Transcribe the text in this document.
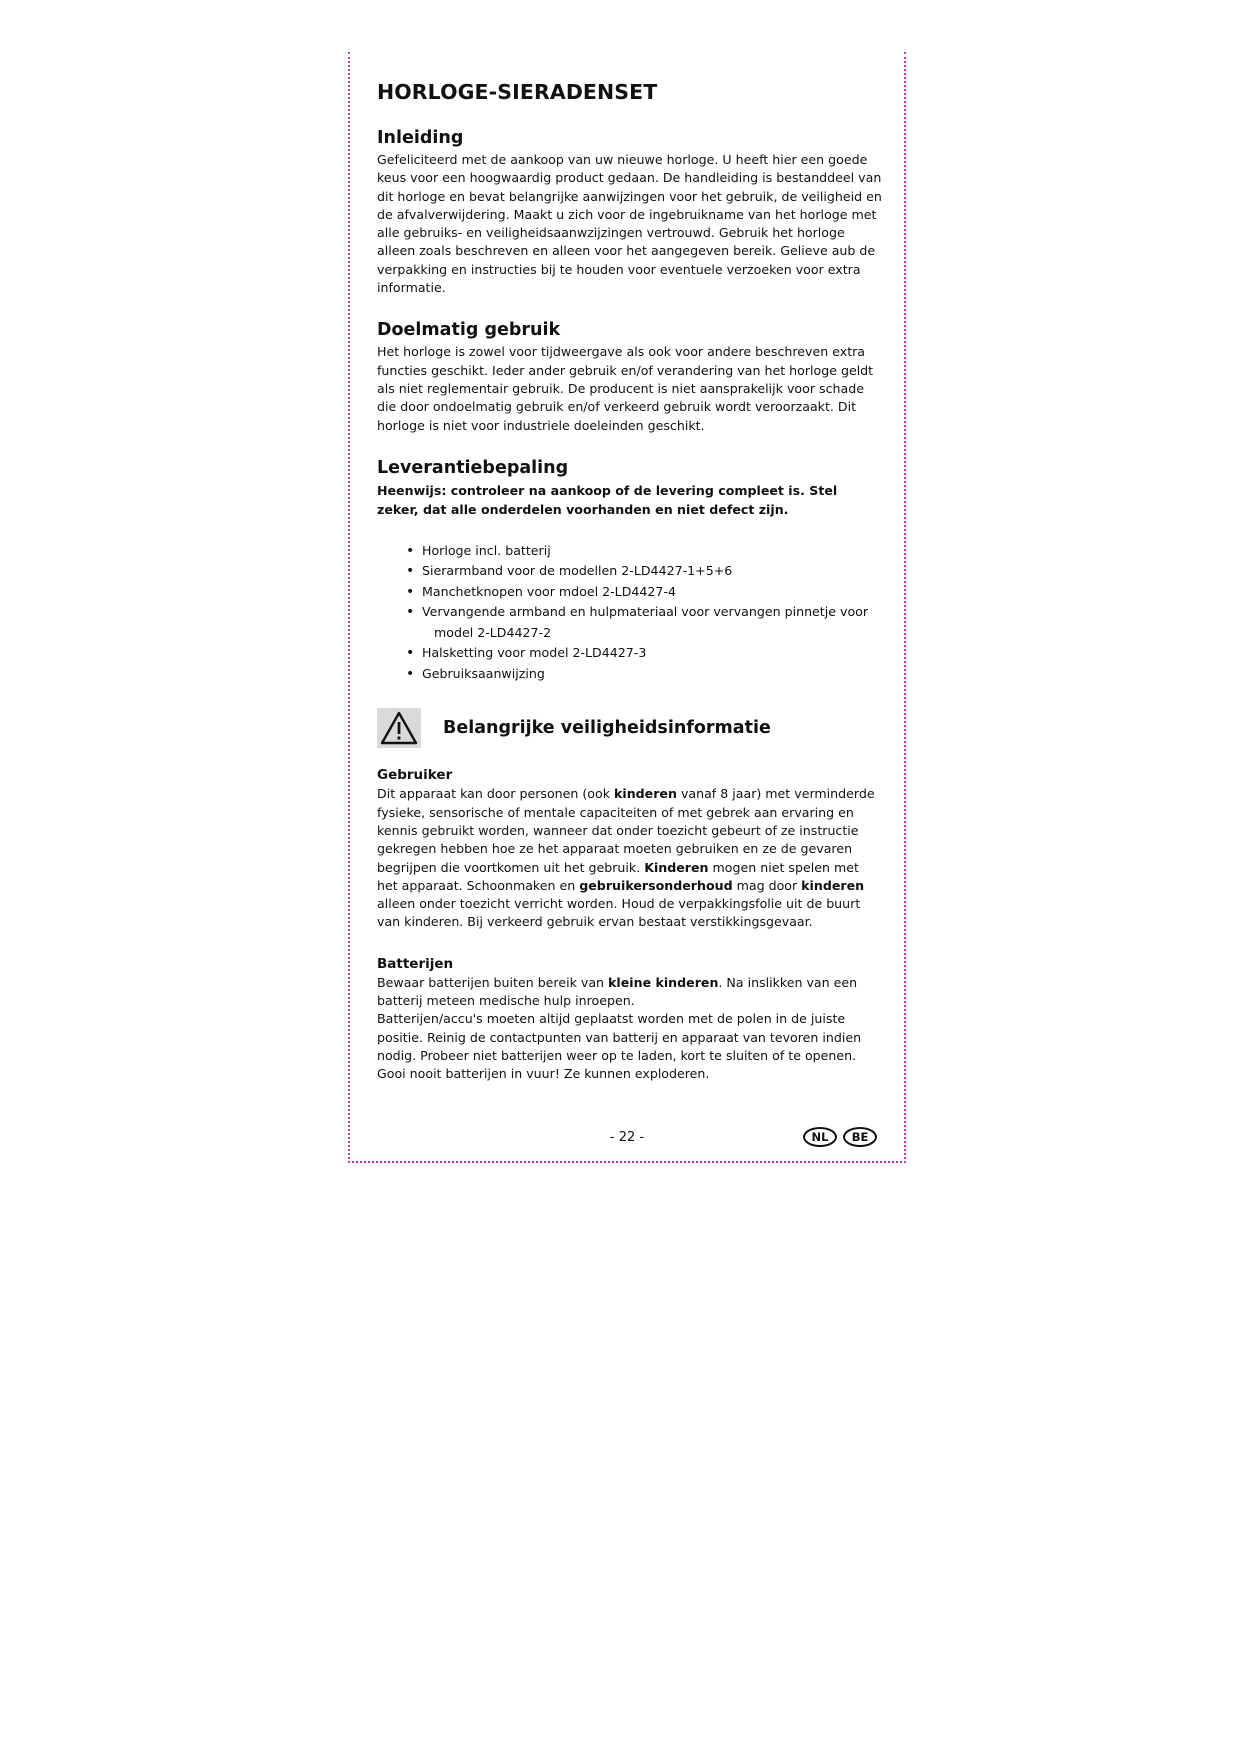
HORLOGE-SIERADENSET
Inleiding

Gefeliciteerd met de aankoop van uw nieuwe horloge. U heeft hier een goede keus voor een hoogwaardig product gedaan. De handleiding is bestanddeel van dit horloge en bevat belangrijke aanwijzingen voor het gebruik, de veiligheid en de afvalverwijdering. Maakt u zich voor de ingebruikname van het horloge met alle gebruiks- en veiligheidsaanwzijzingen vertrouwd. Gebruik het horloge alleen zoals beschreven en alleen voor het aangegeven bereik. Gelieve aub de verpakking en instructies bij te houden voor eventuele verzoeken voor extra informatie.

Doelmatig gebruik

Het horloge is zowel voor tijdweergave als ook voor andere beschreven extra functies geschikt. Ieder ander gebruik en/of verandering van het horloge geldt als niet reglementair gebruik. De producent is niet aansprakelijk voor schade die door ondoelmatig gebruik en/of verkeerd gebruik wordt veroorzaakt. Dit horloge is niet voor industriele doeleinden geschikt.

Leverantiebepaling

Heenwijs: controleer na aankoop of de levering compleet is. Stel zeker, dat alle onderdelen voorhanden en niet defect zijn.

• Horloge incl. batterij
• Sierarmband voor de modellen 2-LD4427-1+5+6
• Manchetknopen voor mdoel 2-LD4427-4
• Vervangende armband en hulpmateriaal voor vervangen pinnetje voor
model 2-LD4427-2
• Halsketting voor model 2-LD4427-3
• Gebruiksaanwijzing
Belangrijke veiligheidsinformatie
Gebruiker

Dit apparaat kan door personen (ook kinderen vanaf 8 jaar) met verminderde fysieke, sensorische of mentale capaciteiten of met gebrek aan ervaring en kennis gebruikt worden, wanneer dat onder toezicht gebeurt of ze instructie gekregen hebben hoe ze het apparaat moeten gebruiken en ze de gevaren begrijpen die voortkomen uit het gebruik. Kinderen mogen niet spelen met het apparaat. Schoonmaken en gebruikersonderhoud mag door kinderen alleen onder toezicht verricht worden. Houd de verpakkingsfolie uit de buurt van kinderen. Bij verkeerd gebruik ervan bestaat verstikkingsgevaar.

Batterijen

Bewaar batterijen buiten bereik van kleine kinderen. Na inslikken van een batterij meteen medische hulp inroepen.

Batterijen/accu's moeten altijd geplaatst worden met de polen in de juiste positie. Reinig de contactpunten van batterij en apparaat van tevoren indien nodig. Probeer niet batterijen weer op te laden, kort te sluiten of te openen. Gooi nooit batterijen in vuur! Ze kunnen exploderen.

- 22 -	NL	BE
